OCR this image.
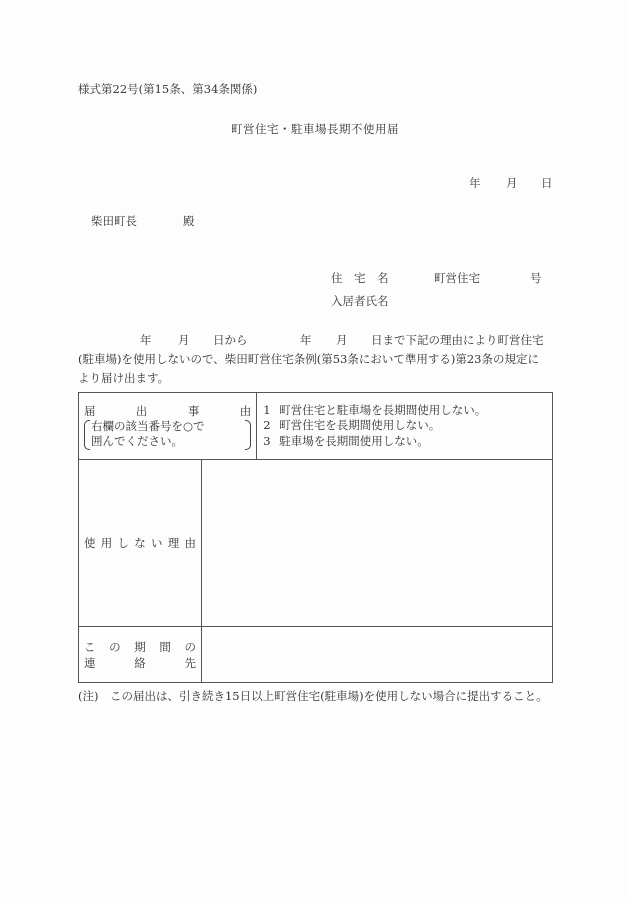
様式第22号(第15条、第34条関係)
町営住宅・駐車場長期不使用届
年 月 日
柴田町長	殿
住　宅　名	町営住宅	号
入居者氏名
年 月 日から	年 月 日まで下記の理由により町営住宅
(駐車場)を使用しないので、柴田町営住宅条例(第53条において準用する)第23条の規定に
より届け出ます。
届	出	事	由
右欄の該当番号を○で
囲んでください。

1 町営住宅と駐車場を長期間使用しない。
2 町営住宅を長期間使用しない。
3 駐車場を長期間使用しない。

使 用 し な い 理 由

こ の 期 間 の
連	絡	先

(注)　この届出は、引き続き15日以上町営住宅(駐車場)を使用しない場合に提出すること。
